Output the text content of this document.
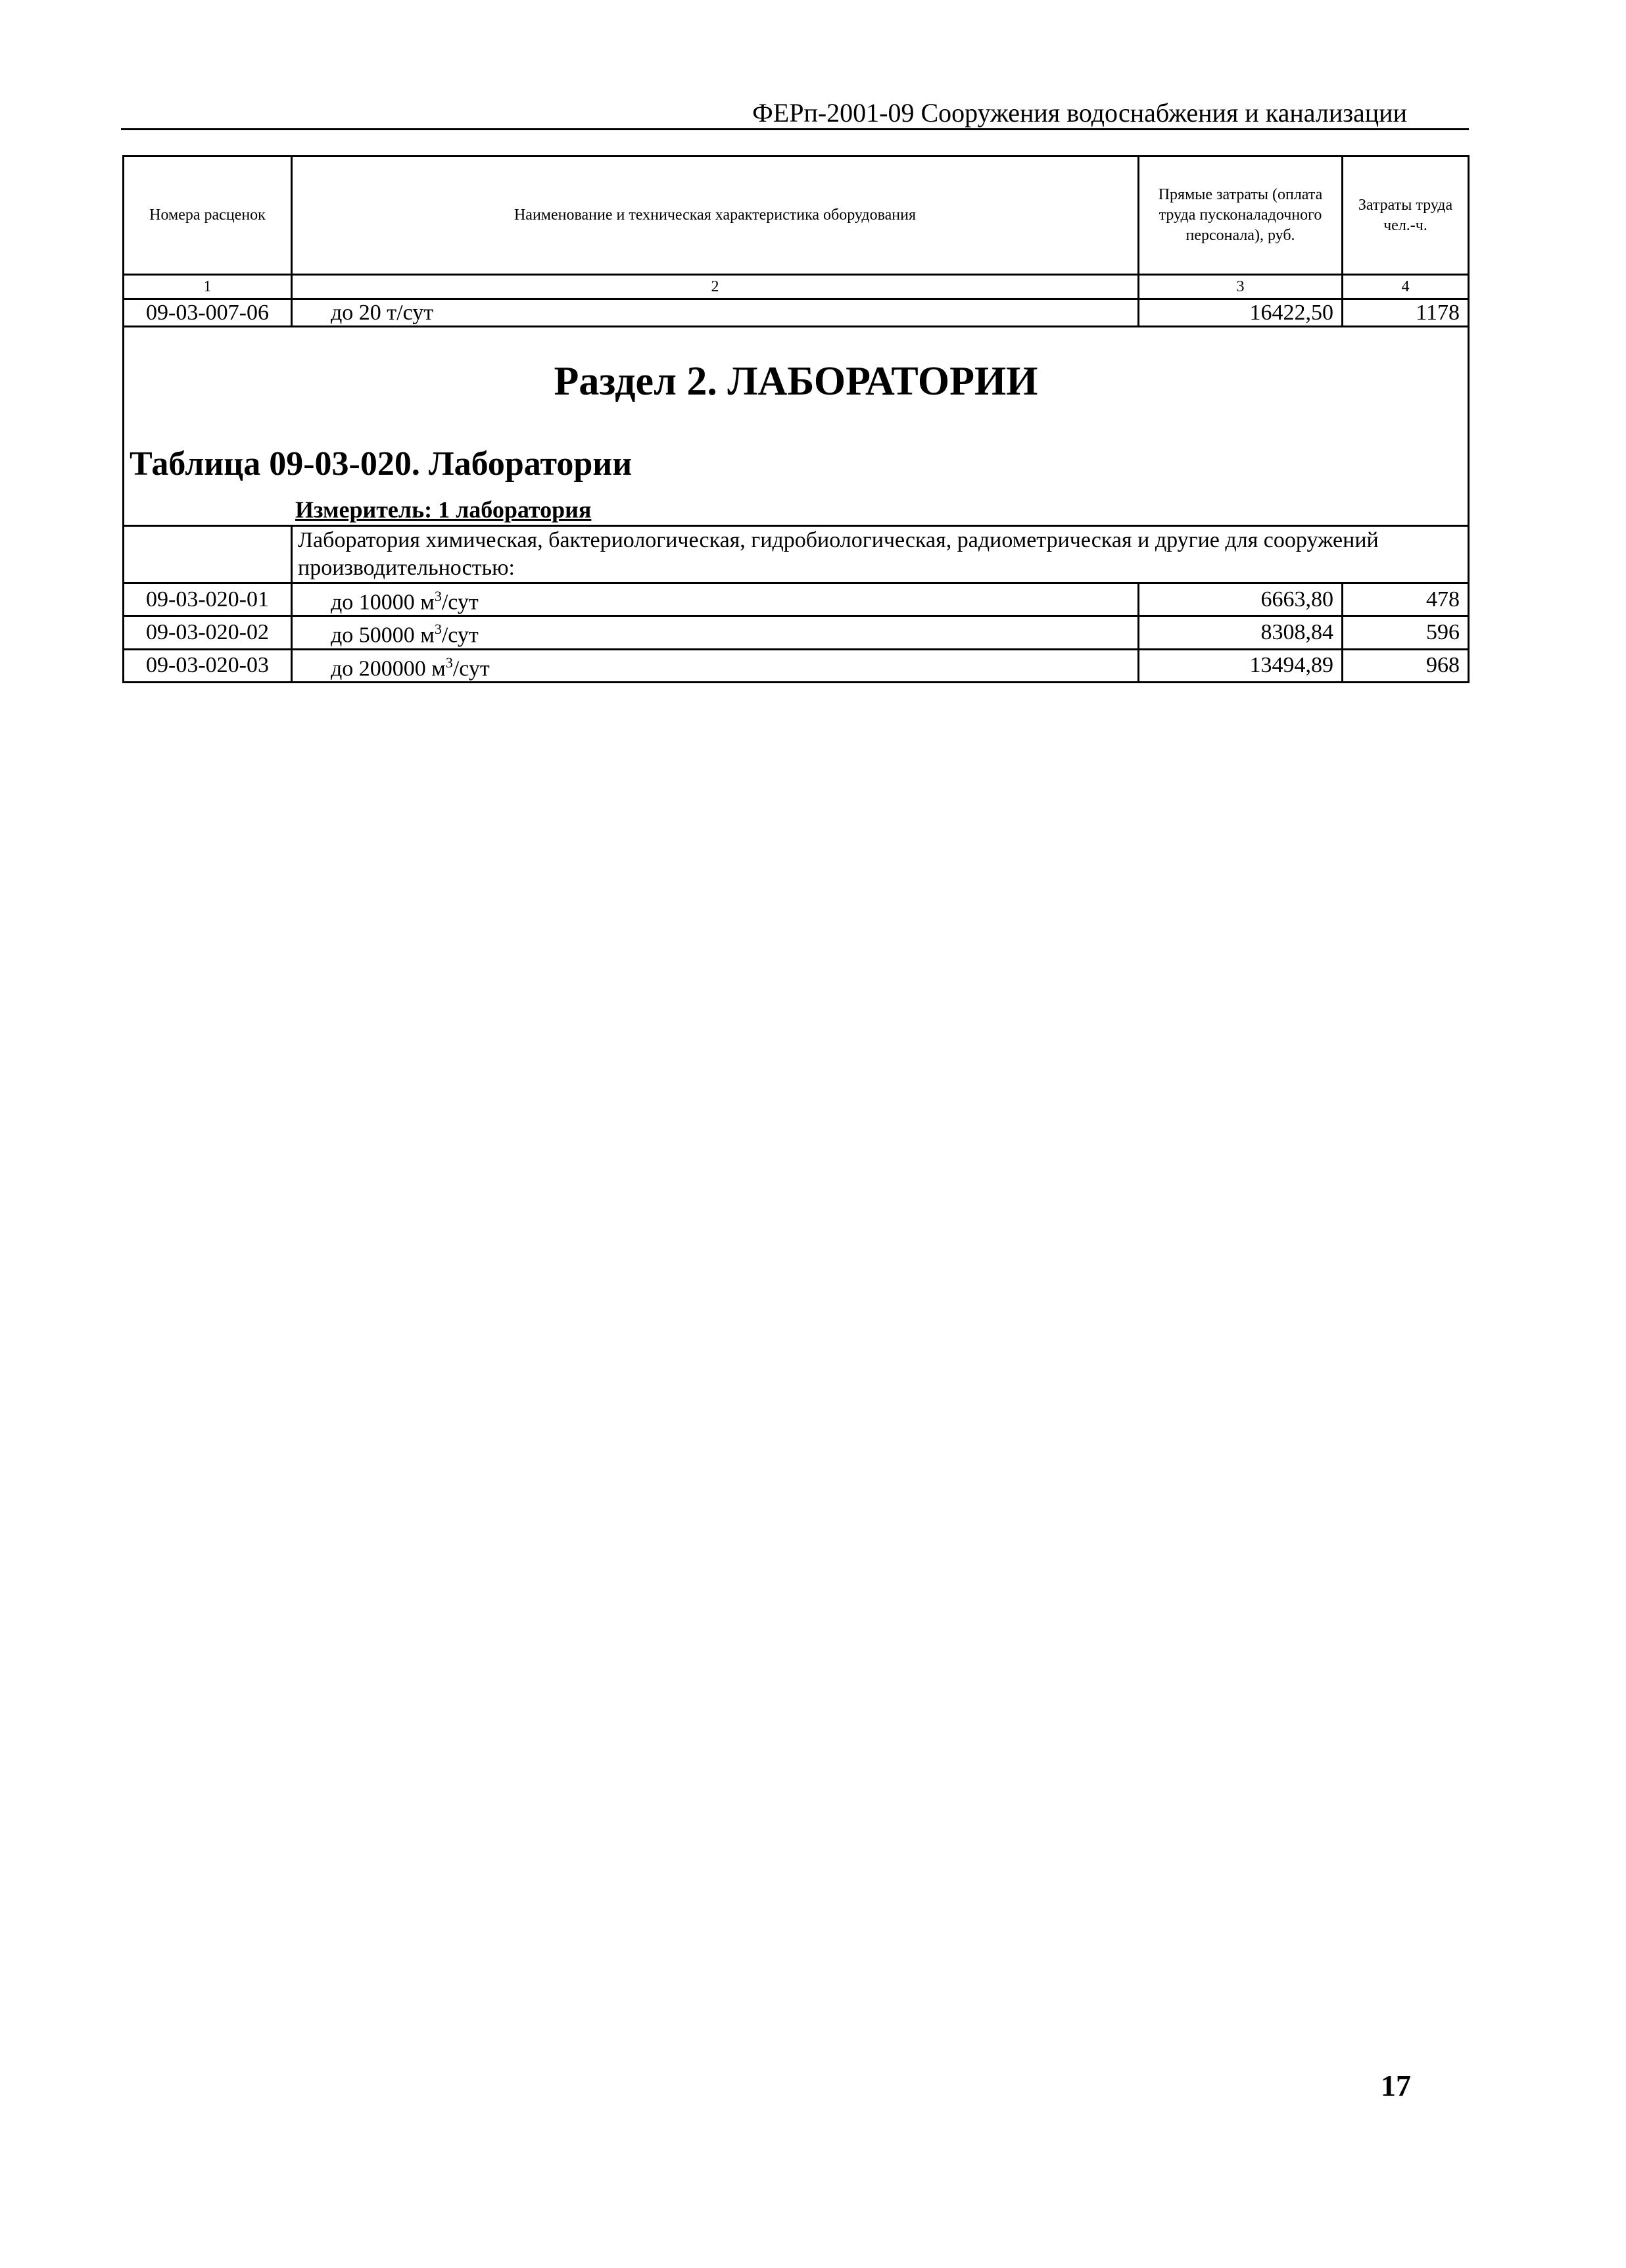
ФЕРп-2001-09 Сооружения водоснабжения и канализации
Номера расценок	Наименование и техническая характеристика оборудования	Прямые затраты (оплата труда пусконаладочного персонала), руб.	Затраты труда чел.-ч.
1	2	3	4
09-03-007-06	до 20 т/сут	16422,50	1178

Раздел 2. ЛАБОРАТОРИИ
Таблица 09-03-020. Лаборатории
Измеритель: 1 лаборатория			

	Лаборатория химическая, бактериологическая, гидробиологическая, радиометрическая и другие для сооружений производительностью:		
09-03-020-01	до 10000 $м^3$/сут	6663,80	478
09-03-020-02	до 50000 $м^3$/сут	8308,84	596
09-03-020-03	до 200000 $м^3$/сут	13494,89	968
17
